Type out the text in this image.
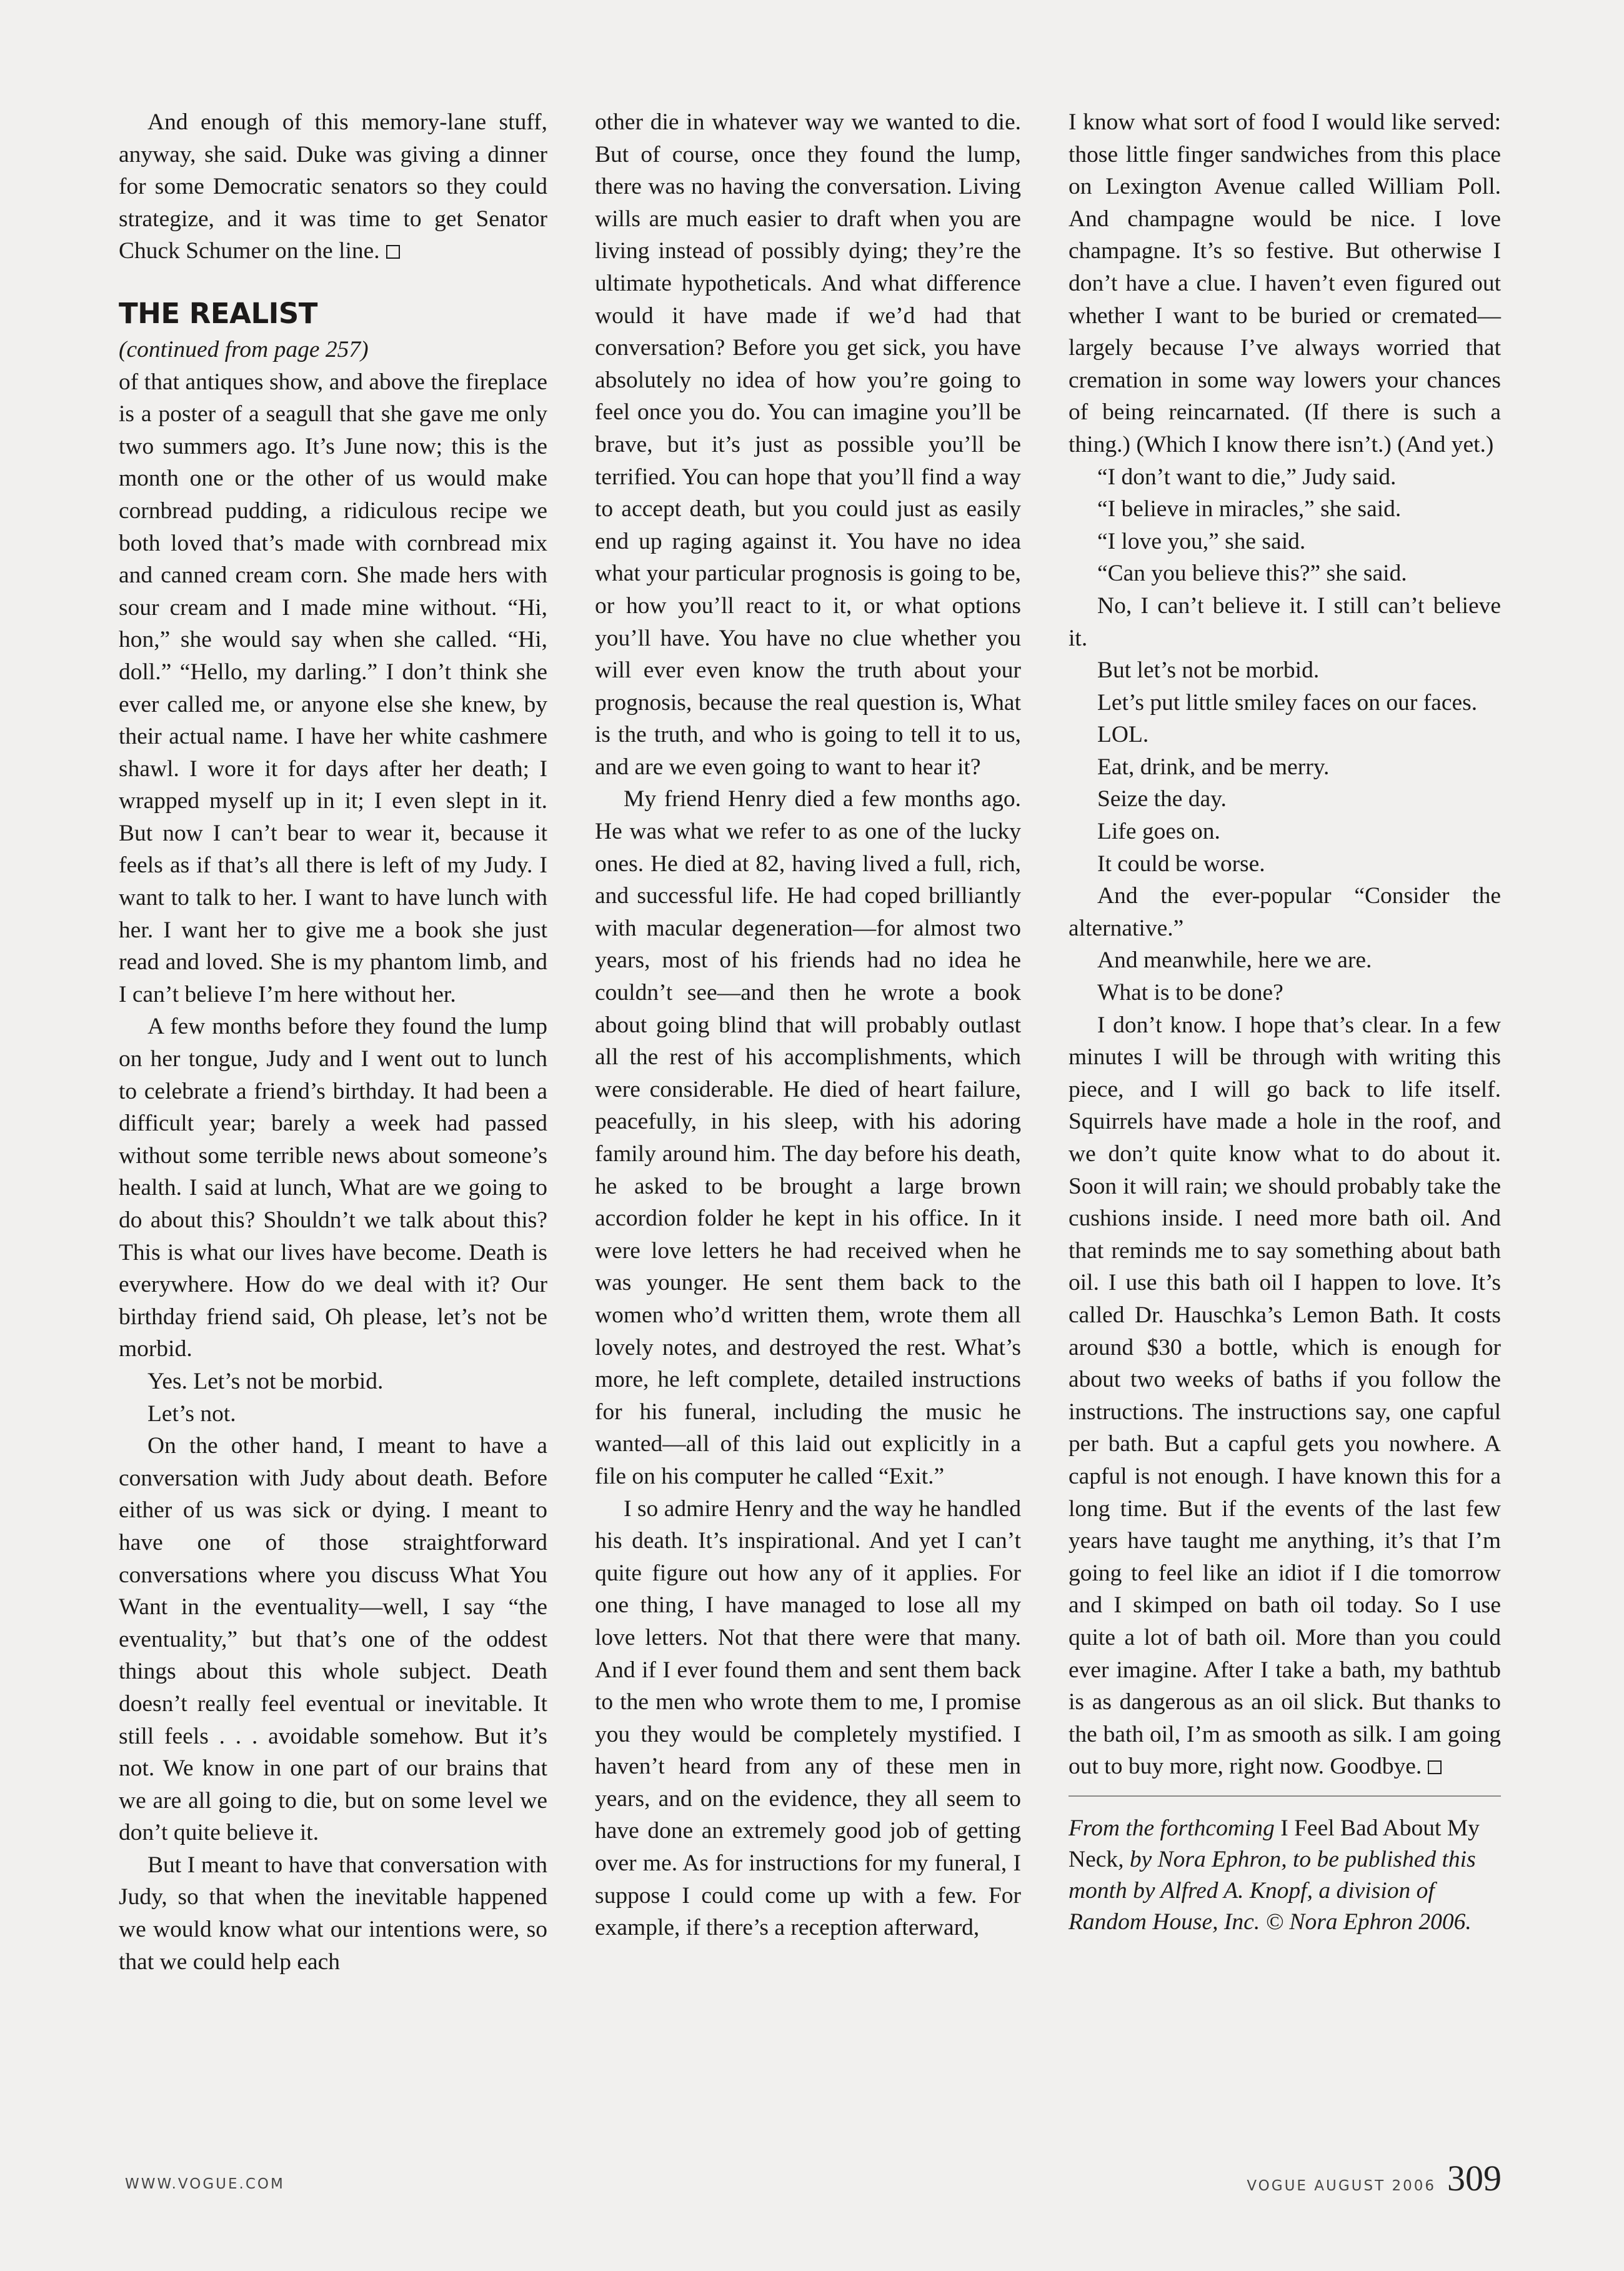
And enough of this memory-lane stuff, anyway, she said. Duke was giving a dinner for some Democratic senators so they could strategize, and it was time to get Senator Chuck Schumer on the line.

THE REALIST
(continued from page 257)

of that antiques show, and above the fireplace is a poster of a seagull that she gave me only two summers ago. It’s June now; this is the month one or the other of us would make cornbread pudding, a ridiculous recipe we both loved that’s made with cornbread mix and canned cream corn. She made hers with sour cream and I made mine without. “Hi, hon,” she would say when she called. “Hi, doll.” “Hello, my darling.” I don’t think she ever called me, or anyone else she knew, by their actual name. I have her white cashmere shawl. I wore it for days after her death; I wrapped myself up in it; I even slept in it. But now I can’t bear to wear it, because it feels as if that’s all there is left of my Judy. I want to talk to her. I want to have lunch with her. I want her to give me a book she just read and loved. She is my phantom limb, and I can’t believe I’m here without her.

A few months before they found the lump on her tongue, Judy and I went out to lunch to celebrate a friend’s birthday. It had been a difficult year; barely a week had passed without some terrible news about someone’s health. I said at lunch, What are we going to do about this? Shouldn’t we talk about this? This is what our lives have become. Death is everywhere. How do we deal with it? Our birthday friend said, Oh please, let’s not be morbid.

Yes. Let’s not be morbid.

Let’s not.

On the other hand, I meant to have a conversation with Judy about death. Before either of us was sick or dying. I meant to have one of those straightforward conversations where you discuss What You Want in the eventuality—well, I say “the eventuality,” but that’s one of the oddest things about this whole subject. Death doesn’t really feel eventual or inevitable. It still feels . . . avoidable somehow. But it’s not. We know in one part of our brains that we are all going to die, but on some level we don’t quite believe it.

But I meant to have that conversation with Judy, so that when the inevitable happened we would know what our intentions were, so that we could help each

other die in whatever way we wanted to die. But of course, once they found the lump, there was no having the conversation. Living wills are much easier to draft when you are living instead of possibly dying; they’re the ultimate hypotheticals. And what difference would it have made if we’d had that conversation? Before you get sick, you have absolutely no idea of how you’re going to feel once you do. You can imagine you’ll be brave, but it’s just as possible you’ll be terrified. You can hope that you’ll find a way to accept death, but you could just as easily end up raging against it. You have no idea what your particular prognosis is going to be, or how you’ll react to it, or what options you’ll have. You have no clue whether you will ever even know the truth about your prognosis, because the real question is, What is the truth, and who is going to tell it to us, and are we even going to want to hear it?

My friend Henry died a few months ago. He was what we refer to as one of the lucky ones. He died at 82, having lived a full, rich, and successful life. He had coped brilliantly with macular degeneration—for almost two years, most of his friends had no idea he couldn’t see—and then he wrote a book about going blind that will probably outlast all the rest of his accomplishments, which were considerable. He died of heart failure, peacefully, in his sleep, with his adoring family around him. The day before his death, he asked to be brought a large brown accordion folder he kept in his office. In it were love letters he had received when he was younger. He sent them back to the women who’d written them, wrote them all lovely notes, and destroyed the rest. What’s more, he left complete, detailed instructions for his funeral, including the music he wanted—all of this laid out explicitly in a file on his computer he called “Exit.”

I so admire Henry and the way he handled his death. It’s inspirational. And yet I can’t quite figure out how any of it applies. For one thing, I have managed to lose all my love letters. Not that there were that many. And if I ever found them and sent them back to the men who wrote them to me, I promise you they would be completely mystified. I haven’t heard from any of these men in years, and on the evidence, they all seem to have done an extremely good job of getting over me. As for instructions for my funeral, I suppose I could come up with a few. For example, if there’s a reception afterward,

I know what sort of food I would like served: those little finger sandwiches from this place on Lexington Avenue called William Poll. And champagne would be nice. I love champagne. It’s so festive. But otherwise I don’t have a clue. I haven’t even figured out whether I want to be buried or cremated—largely because I’ve always worried that cremation in some way lowers your chances of being reincarnated. (If there is such a thing.) (Which I know there isn’t.) (And yet.)

“I don’t want to die,” Judy said.

“I believe in miracles,” she said.

“I love you,” she said.

“Can you believe this?” she said.

No, I can’t believe it. I still can’t believe it.

But let’s not be morbid.

Let’s put little smiley faces on our faces.

LOL.

Eat, drink, and be merry.

Seize the day.

Life goes on.

It could be worse.

And the ever-popular “Consider the alternative.”

And meanwhile, here we are.

What is to be done?

I don’t know. I hope that’s clear. In a few minutes I will be through with writing this piece, and I will go back to life itself. Squirrels have made a hole in the roof, and we don’t quite know what to do about it. Soon it will rain; we should probably take the cushions inside. I need more bath oil. And that reminds me to say something about bath oil. I use this bath oil I happen to love. It’s called Dr. Hauschka’s Lemon Bath. It costs around $30 a bottle, which is enough for about two weeks of baths if you follow the instructions. The instructions say, one capful per bath. But a capful gets you nowhere. A capful is not enough. I have known this for a long time. But if the events of the last few years have taught me anything, it’s that I’m going to feel like an idiot if I die tomorrow and I skimped on bath oil today. So I use quite a lot of bath oil. More than you could ever imagine. After I take a bath, my bathtub is as dangerous as an oil slick. But thanks to the bath oil, I’m as smooth as silk. I am going out to buy more, right now. Goodbye.

From the forthcoming I Feel Bad About My Neck, by Nora Ephron, to be published this month by Alfred A. Knopf, a division of Random House, Inc. © Nora Ephron 2006.
WWW.VOGUE.COM	VOGUE AUGUST 2006 309
